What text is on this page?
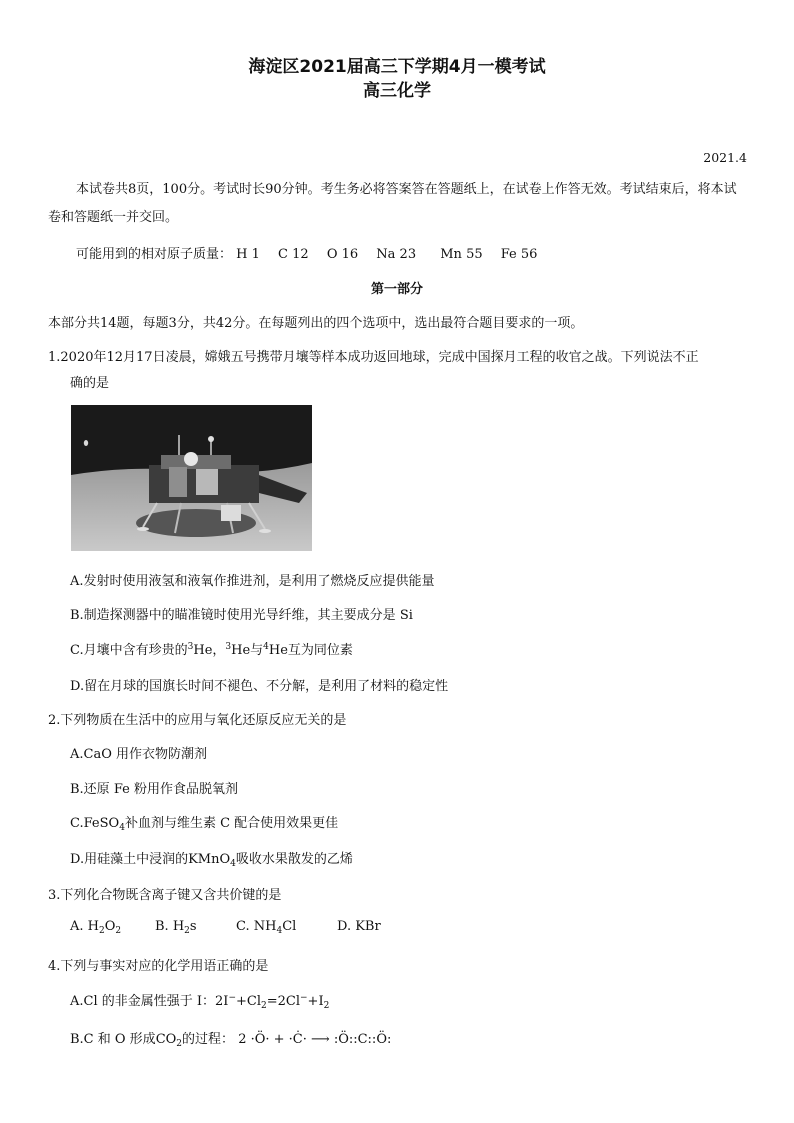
海淀区2021届高三下学期4月一模考试
高三化学
2021.4
本试卷共8页，100分。考试时长90分钟。考生务必将答案答在答题纸上，在试卷上作答无效。考试结束后，将本试卷和答题纸一并交回。
可能用到的相对原子质量： H 1 C 12 O 16 Na 23 Mn 55 Fe 56
第一部分
本部分共14题，每题3分，共42分。在每题列出的四个选项中，选出最符合题目要求的一项。
1.2020年12月17日凌晨，嫦娥五号携带月壤等样本成功返回地球，完成中国探月工程的收官之战。下列说法不正
确的是
A.发射时使用液氢和液氧作推进剂，是利用了燃烧反应提供能量
B.制造探测器中的瞄准镜时使用光导纤维，其主要成分是 Si
C.月壤中含有珍贵的$^3$He，$^3$He与$^4$He互为同位素
D.留在月球的国旗长时间不褪色、不分解，是利用了材料的稳定性
2.下列物质在生活中的应用与氧化还原反应无关的是
A.CaO 用作衣物防潮剂
B.还原 Fe 粉用作食品脱氧剂
C.FeSO$_4$补血剂与维生素 C 配合使用效果更佳
D.用硅藻土中浸润的KMnO$_4$吸收水果散发的乙烯
3.下列化合物既含离子键又含共价键的是
A. $H_2O_2$	B. $H_2s$	C. $NH_4Cl$	D. KBr
4.下列与事实对应的化学用语正确的是
A.Cl 的非金属性强于 I：$2I^-+Cl_2=2Cl^-+I_2$
B.C 和 O 形成$CO_2$的过程： 2 ·Ö· + ·Ċ· ⟶ :Ö::C::Ö:
